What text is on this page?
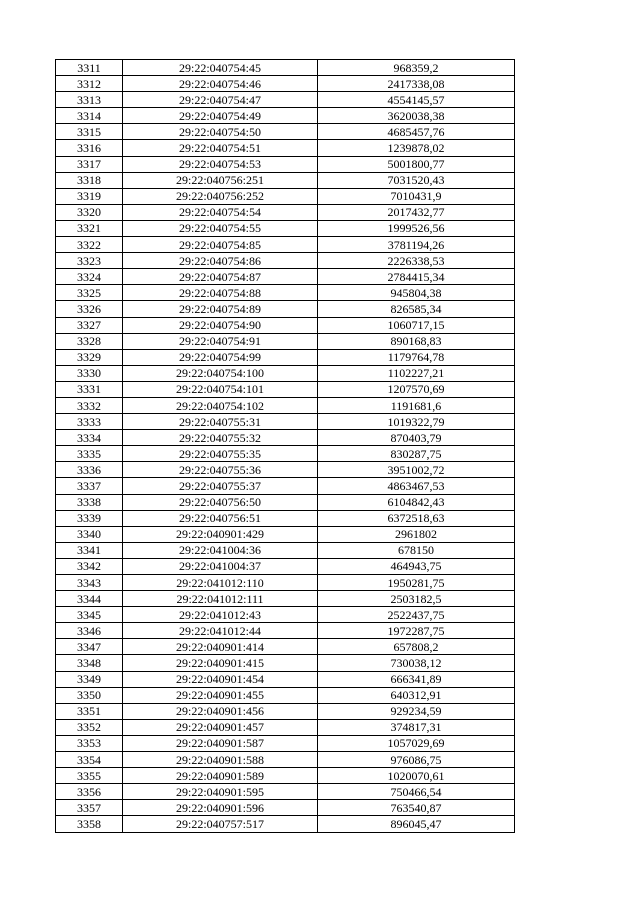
3311	29:22:040754:45	968359,2
3312	29:22:040754:46	2417338,08
3313	29:22:040754:47	4554145,57
3314	29:22:040754:49	3620038,38
3315	29:22:040754:50	4685457,76
3316	29:22:040754:51	1239878,02
3317	29:22:040754:53	5001800,77
3318	29:22:040756:251	7031520,43
3319	29:22:040756:252	7010431,9
3320	29:22:040754:54	2017432,77
3321	29:22:040754:55	1999526,56
3322	29:22:040754:85	3781194,26
3323	29:22:040754:86	2226338,53
3324	29:22:040754:87	2784415,34
3325	29:22:040754:88	945804,38
3326	29:22:040754:89	826585,34
3327	29:22:040754:90	1060717,15
3328	29:22:040754:91	890168,83
3329	29:22:040754:99	1179764,78
3330	29:22:040754:100	1102227,21
3331	29:22:040754:101	1207570,69
3332	29:22:040754:102	1191681,6
3333	29:22:040755:31	1019322,79
3334	29:22:040755:32	870403,79
3335	29:22:040755:35	830287,75
3336	29:22:040755:36	3951002,72
3337	29:22:040755:37	4863467,53
3338	29:22:040756:50	6104842,43
3339	29:22:040756:51	6372518,63
3340	29:22:040901:429	2961802
3341	29:22:041004:36	678150
3342	29:22:041004:37	464943,75
3343	29:22:041012:110	1950281,75
3344	29:22:041012:111	2503182,5
3345	29:22:041012:43	2522437,75
3346	29:22:041012:44	1972287,75
3347	29:22:040901:414	657808,2
3348	29:22:040901:415	730038,12
3349	29:22:040901:454	666341,89
3350	29:22:040901:455	640312,91
3351	29:22:040901:456	929234,59
3352	29:22:040901:457	374817,31
3353	29:22:040901:587	1057029,69
3354	29:22:040901:588	976086,75
3355	29:22:040901:589	1020070,61
3356	29:22:040901:595	750466,54
3357	29:22:040901:596	763540,87
3358	29:22:040757:517	896045,47
